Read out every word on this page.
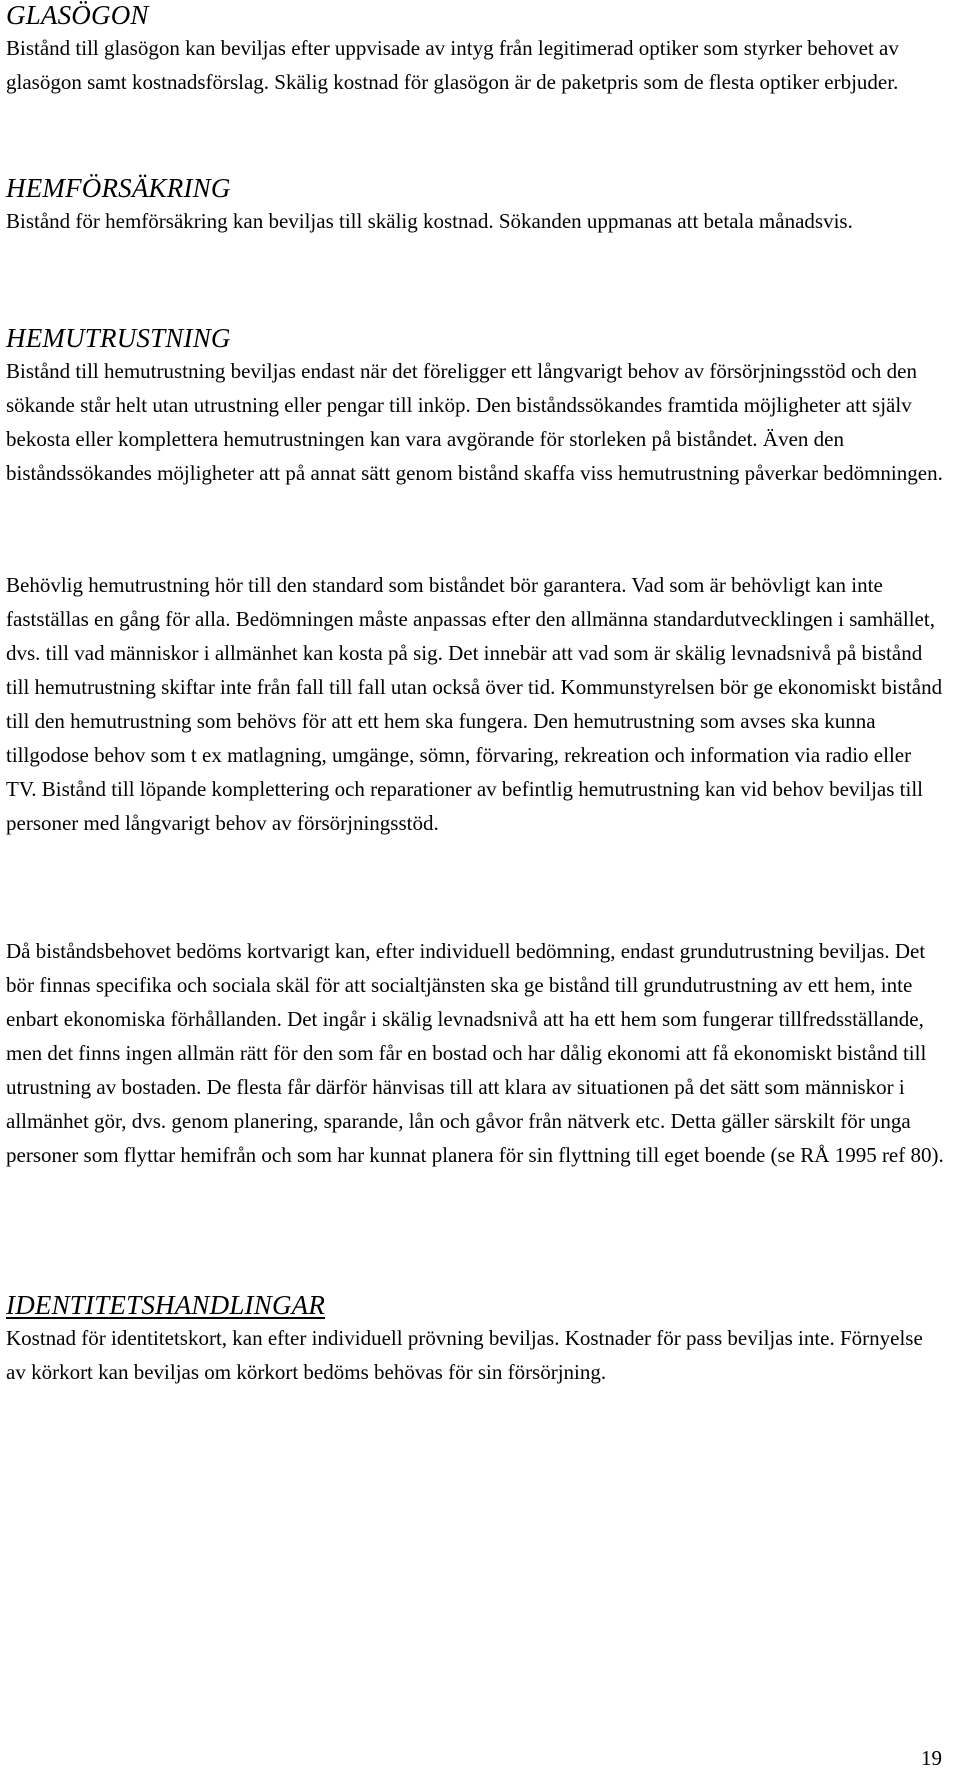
GLASÖGON

Bistånd till glasögon kan beviljas efter uppvisade av intyg från legitimerad optiker som styrker behovet av glasögon samt kostnadsförslag. Skälig kostnad för glasögon är de paketpris som de flesta optiker erbjuder.

HEMFÖRSÄKRING

Bistånd för hemförsäkring kan beviljas till skälig kostnad. Sökanden uppmanas att betala månadsvis.

HEMUTRUSTNING

Bistånd till hemutrustning beviljas endast när det föreligger ett långvarigt behov av försörjningsstöd och den sökande står helt utan utrustning eller pengar till inköp. Den biståndssökandes framtida möjligheter att själv bekosta eller komplettera hemutrustningen kan vara avgörande för storleken på biståndet. Även den biståndssökandes möjligheter att på annat sätt genom bistånd skaffa viss hemutrustning påverkar bedömningen.

Behövlig hemutrustning hör till den standard som biståndet bör garantera. Vad som är behövligt kan inte fastställas en gång för alla. Bedömningen måste anpassas efter den allmänna standardutvecklingen i samhället, dvs. till vad människor i allmänhet kan kosta på sig. Det innebär att vad som är skälig levnadsnivå på bistånd till hemutrustning skiftar inte från fall till fall utan också över tid. Kommunstyrelsen bör ge ekonomiskt bistånd till den hemutrustning som behövs för att ett hem ska fungera. Den hemutrustning som avses ska kunna tillgodose behov som t ex matlagning, umgänge, sömn, förvaring, rekreation och information via radio eller TV. Bistånd till löpande komplettering och reparationer av befintlig hemutrustning kan vid behov beviljas till personer med långvarigt behov av försörjningsstöd.

Då biståndsbehovet bedöms kortvarigt kan, efter individuell bedömning, endast grundutrustning beviljas. Det bör finnas specifika och sociala skäl för att socialtjänsten ska ge bistånd till grundutrustning av ett hem, inte enbart ekonomiska förhållanden. Det ingår i skälig levnadsnivå att ha ett hem som fungerar tillfredsställande, men det finns ingen allmän rätt för den som får en bostad och har dålig ekonomi att få ekonomiskt bistånd till utrustning av bostaden. De flesta får därför hänvisas till att klara av situationen på det sätt som människor i allmänhet gör, dvs. genom planering, sparande, lån och gåvor från nätverk etc. Detta gäller särskilt för unga personer som flyttar hemifrån och som har kunnat planera för sin flyttning till eget boende (se RÅ 1995 ref 80).

IDENTITETSHANDLINGAR

Kostnad för identitetskort, kan efter individuell prövning beviljas. Kostnader för pass beviljas inte. Förnyelse av körkort kan beviljas om körkort bedöms behövas för sin försörjning.

19
